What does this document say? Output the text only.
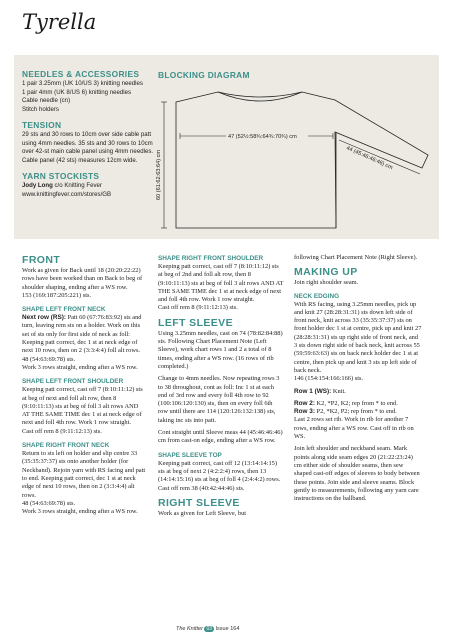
Tyrella
NEEDLES & ACCESSORIES
1 pair 3.25mm (UK 10/US 3) knitting needles
1 pair 4mm (UK 8/US 6) knitting needles
Cable needle (cn)
Stitch holders
TENSION
29 sts and 30 rows to 10cm over side cable patt using 4mm needles. 35 sts and 30 rows to 10cm over 42-st main cable panel using 4mm needles. Cable panel (42 sts) measures 12cm wide.
YARN STOCKISTS
Jody Long c/o Knitting Fever
www.knittingfever.com/stores/GB
BLOCKING DIAGRAM
60 (61:62:63:64) cm
47 (52½:58¾:64¾:70¾) cm
44 (45:46:46:46) cm
FRONT
Work as given for Back until 18 (20:20:22:22) rows have been worked than on Back to beg of shoulder shaping, ending after a WS row.
153 (169:187:205:221) sts.
SHAPE LEFT FRONT NECK
Next row (RS): Patt 60 (67:76:83:92) sts and turn, leaving rem sts on a holder. Work on this set of sts only for first side of neck as foll: Keeping patt correct, dec 1 st at neck edge of next 10 rows, then on 2 (3:3:4:4) foll alt rows.
48 (54:63:69:78) sts.
Work 3 rows straight, ending after a WS row.
SHAPE LEFT FRONT SHOULDER
Keeping patt correct, cast off 7 (8:10:11:12) sts at beg of next and foll alt row, then 8 (9:10:11:13) sts at beg of foll 3 alt rows AND AT THE SAME TIME dec 1 st at neck edge of next and foll 4th row. Work 1 row straight.
Cast off rem 8 (9:11:12:13) sts.
SHAPE RIGHT FRONT NECK
Return to sts left on holder and slip centre 33 (35:35:37:37) sts onto another holder (for Neckband). Rejoin yarn with RS facing and patt to end. Keeping patt correct, dec 1 st at neck edge of next 10 rows, then on 2 (3:3:4:4) alt rows.
48 (54:63:69:78) sts.
Work 3 rows straight, ending after a WS row.
SHAPE RIGHT FRONT SHOULDER
Keeping patt correct, cast off 7 (8:10:11:12) sts at beg of 2nd and foll alt row, then 8 (9:10:11:13) sts at beg of foll 3 alt rows AND AT THE SAME TIME dec 1 st at neck edge of next and foll 4th row. Work 1 row straight.
Cast off rem 8 (9:11:12:13) sts.
LEFT SLEEVE
Using 3.25mm needles, cast on 74 (78:82:84:88) sts. Following Chart Placement Note (Left Sleeve), work chart rows 1 and 2 a total of 8 times, ending after a WS row. (16 rows of rib completed.)
Change to 4mm needles. Now repeating rows 3 to 38 throughout, cont as foll: Inc 1 st at each end of 3rd row and every foll 4th row to 92 (100:106:120:130) sts, then on every foll 6th row until there are 114 (120:126:132:138) sts, taking inc sts into patt.
Cont straight until Sleeve meas 44 (45:46:46:46) cm from cast-on edge, ending after a WS row.
SHAPE SLEEVE TOP
Keeping patt correct, cast off 12 (13:14:14:15) sts at beg of next 2 (4:2:2:4) rows, then 13 (14:14:15:16) sts at beg of foll 4 (2:4:4:2) rows. Cast off rem 38 (40:42:44:46) sts.
RIGHT SLEEVE
Work as given for Left Sleeve, but
following Chart Placement Note (Right Sleeve).
MAKING UP
Join right shoulder seam.
NECK EDGING
With RS facing, using 3.25mm needles, pick up and knit 27 (28:28:31:31) sts down left side of front neck, knit across 33 (35:35:37:37) sts on front holder dec 1 st at centre, pick up and knit 27 (28:28:31:31) sts up right side of front neck, and 3 sts down right side of back neck, knit across 55 (59:59:63:63) sts on back neck holder dec 1 st at centre, then pick up and knit 3 sts up left side of back neck.
146 (154:154:166:166) sts.
Row 1 (WS): Knit.
Row 2: K2, *P2, K2; rep from * to end.
Row 3: P2, *K2, P2; rep from * to end.
Last 2 rows set rib. Work in rib for another 7 rows, ending after a WS row. Cast off in rib on WS.
Join left shoulder and neckband seam. Mark points along side seam edges 20 (21:22:23:24) cm either side of shoulder seams, then sew shaped cast-off edges of sleeves to body between these points. Join side and sleeve seams. Block gently to measurements, following any yarn care instructions on the ballband.
The Knitter 03 Issue 164
